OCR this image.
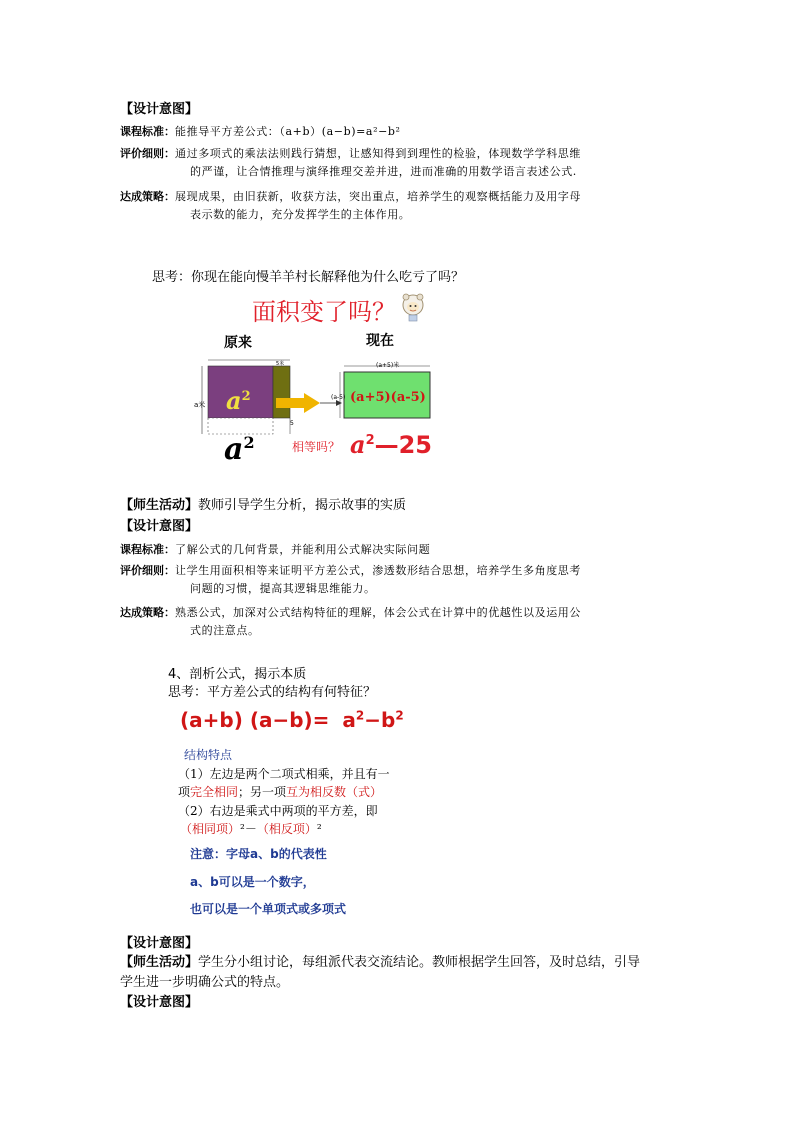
【设计意图】
课程标准：能推导平方差公式：（a+b）(a−b)=a²−b²
评价细则：通过多项式的乘法法则践行猜想，让感知得到到理性的检验，体现数学学科思维
的严谨，让合情推理与演绎推理交差并进，进而准确的用数学语言表述公式.
达成策略：展现成果，由旧获新，收获方法，突出重点，培养学生的观察概括能力及用字母
表示数的能力，充分发挥学生的主体作用。
思考：你现在能向慢羊羊村长解释他为什么吃亏了吗？
面积变了吗？
原来	现在
a米
5米	(a+5)米
(a-5)
5
$a^2$	(a+5)(a-5)
$a^2$	相等吗？ $a^2—25$
【师生活动】教师引导学生分析，揭示故事的实质
【设计意图】
课程标准：了解公式的几何背景，并能利用公式解决实际问题
评价细则：让学生用面积相等来证明平方差公式，渗透数形结合思想，培养学生多角度思考
问题的习惯，提高其逻辑思维能力。
达成策略：熟悉公式，加深对公式结构特征的理解，体会公式在计算中的优越性以及运用公
式的注意点。
4、剖析公式，揭示本质
思考：平方差公式的结构有何特征？
(a+b) $(a-b)= a^2-b^2$
结构特点
（1）左边是两个二项式相乘，并且有一
项完全相同；另一项互为相反数（式）
（2）右边是乘式中两项的平方差，即
（相同项）²－（相反项）²
注意：字母a、b的代表性
a、b可以是一个数字，
也可以是一个单项式或多项式
【设计意图】
【师生活动】学生分小组讨论，每组派代表交流结论。教师根据学生回答，及时总结，引导
学生进一步明确公式的特点。
【设计意图】
